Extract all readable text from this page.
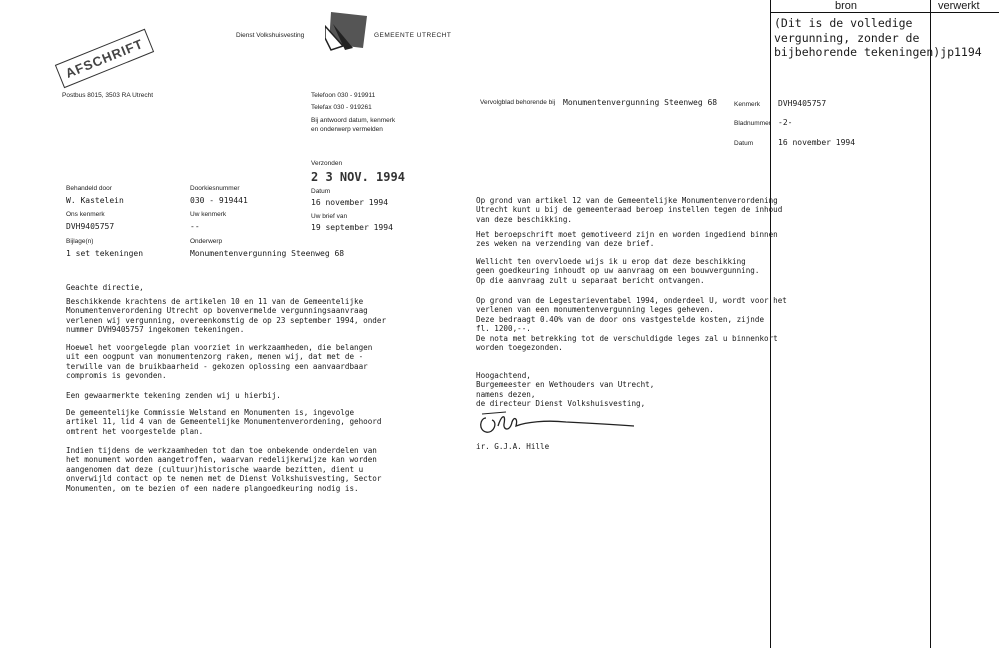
bron	verwerkt
(Dit is de volledige
vergunning, zonder de
bijbehorende tekeningen)jp1194
AFSCHRIFT
Dienst Volkshuisvesting	GEMEENTE UTRECHT
Postbus 8015, 3503 RA Utrecht	Telefoon 030 - 919911
Telefax 030 - 919261
Bij antwoord datum, kenmerk
en onderwerp vermelden
Verzonden
2 3 NOV. 1994
Behandeld door
W. Kastelein
Doorkiesnummer
030 - 919441
Datum
16 november 1994
Ons kenmerk
DVH9405757
Uw kenmerk
--
Uw brief van
19 september 1994
Bijlage(n)
1 set tekeningen
Onderwerp
Monumentenvergunning Steenweg 68
Geachte directie,
Beschikkende krachtens de artikelen 10 en 11 van de Gemeentelijke
Monumentenverordening Utrecht op bovenvermelde vergunningsaanvraag
verlenen wij vergunning, overeenkomstig de op 23 september 1994, onder
nummer DVH9405757 ingekomen tekeningen.
Hoewel het voorgelegde plan voorziet in werkzaamheden, die belangen
uit een oogpunt van monumentenzorg raken, menen wij, dat met de -
terwille van de bruikbaarheid - gekozen oplossing een aanvaardbaar
compromis is gevonden.
Een gewaarmerkte tekening zenden wij u hierbij.
De gemeentelijke Commissie Welstand en Monumenten is, ingevolge
artikel 11, lid 4 van de Gemeentelijke Monumentenverordening, gehoord
omtrent het voorgestelde plan.
Indien tijdens de werkzaamheden tot dan toe onbekende onderdelen van
het monument worden aangetroffen, waarvan redelijkerwijze kan worden
aangenomen dat deze (cultuur)historische waarde bezitten, dient u
onverwijld contact op te nemen met de Dienst Volkshuisvesting, Sector
Monumenten, om te bezien of een nadere plangoedkeuring nodig is.
Vervolgblad behorende bij Monumentenvergunning Steenweg 68	Kenmerk DVH9405757
Bladnummer -2-
Datum	16 november 1994
Op grond van artikel 12 van de Gemeentelijke Monumentenverordening
Utrecht kunt u bij de gemeenteraad beroep instellen tegen de inhoud
van deze beschikking.
Het beroepschrift moet gemotiveerd zijn en worden ingediend binnen
zes weken na verzending van deze brief.
Wellicht ten overvloede wijs ik u erop dat deze beschikking
geen goedkeuring inhoudt op uw aanvraag om een bouwvergunning.
Op die aanvraag zult u separaat bericht ontvangen.
Op grond van de Legestarieventabel 1994, onderdeel U, wordt voor het
verlenen van een monumentenvergunning leges geheven.
Deze bedraagt 0.40% van de door ons vastgestelde kosten, zijnde
fl. 1200,--.
De nota met betrekking tot de verschuldigde leges zal u binnenkort
worden toegezonden.
Hoogachtend,
Burgemeester en Wethouders van Utrecht,
namens dezen,
de directeur Dienst Volkshuisvesting,
ir. G.J.A. Hille
